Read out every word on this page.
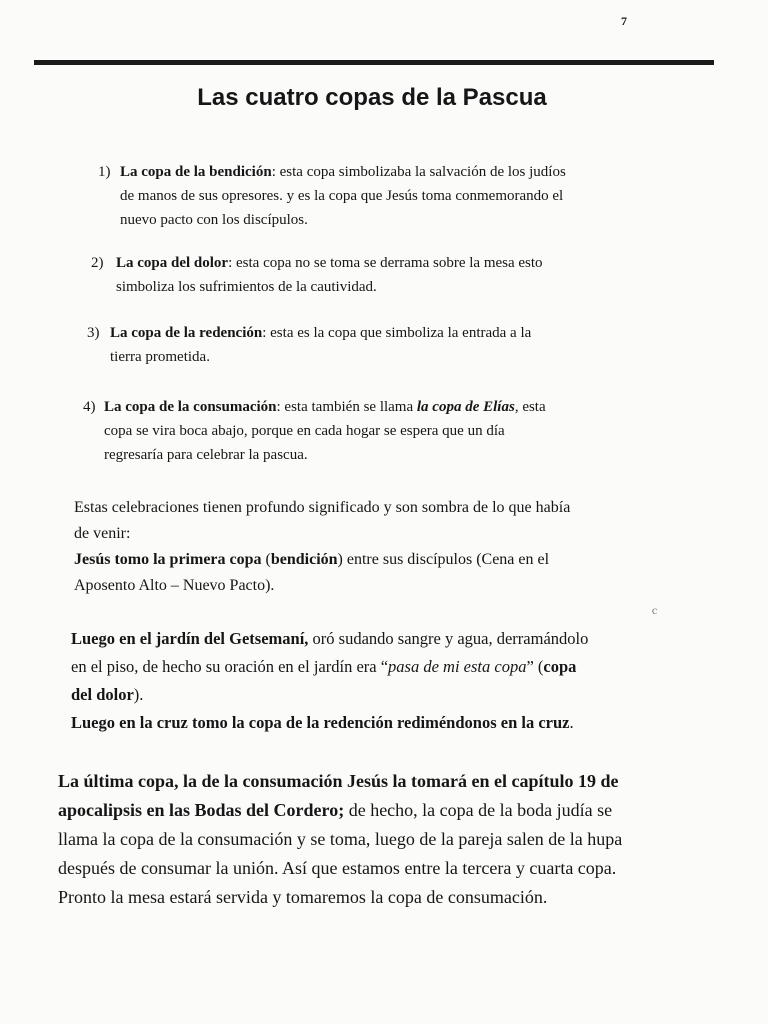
7
Las cuatro copas de la Pascua
1) La copa de la bendición: esta copa simbolizaba la salvación de los judíos
de manos de sus opresores. y es la copa que Jesús toma conmemorando el
nuevo pacto con los discípulos.
2) La copa del dolor: esta copa no se toma se derrama sobre la mesa esto
simboliza los sufrimientos de la cautividad.
3) La copa de la redención: esta es la copa que simboliza la entrada a la
tierra prometida.
4) La copa de la consumación: esta también se llama la copa de Elías, esta
copa se vira boca abajo, porque en cada hogar se espera que un día
regresaría para celebrar la pascua.
Estas celebraciones tienen profundo significado y son sombra de lo que había
de venir:
Jesús tomo la primera copa (bendición) entre sus discípulos (Cena en el
Aposento Alto – Nuevo Pacto).
Luego en el jardín del Getsemaní, oró sudando sangre y agua, derramándolo
en el piso, de hecho su oración en el jardín era “pasa de mi esta copa” (copa
del dolor).
Luego en la cruz tomo la copa de la redención rediméndonos en la cruz.
ⲥ
La última copa, la de la consumación Jesús la tomará en el capítulo 19 de
apocalipsis en las Bodas del Cordero; de hecho, la copa de la boda judía se
llama la copa de la consumación y se toma, luego de la pareja salen de la hupa
después de consumar la unión. Así que estamos entre la tercera y cuarta copa.
Pronto la mesa estará servida y tomaremos la copa de consumación.
